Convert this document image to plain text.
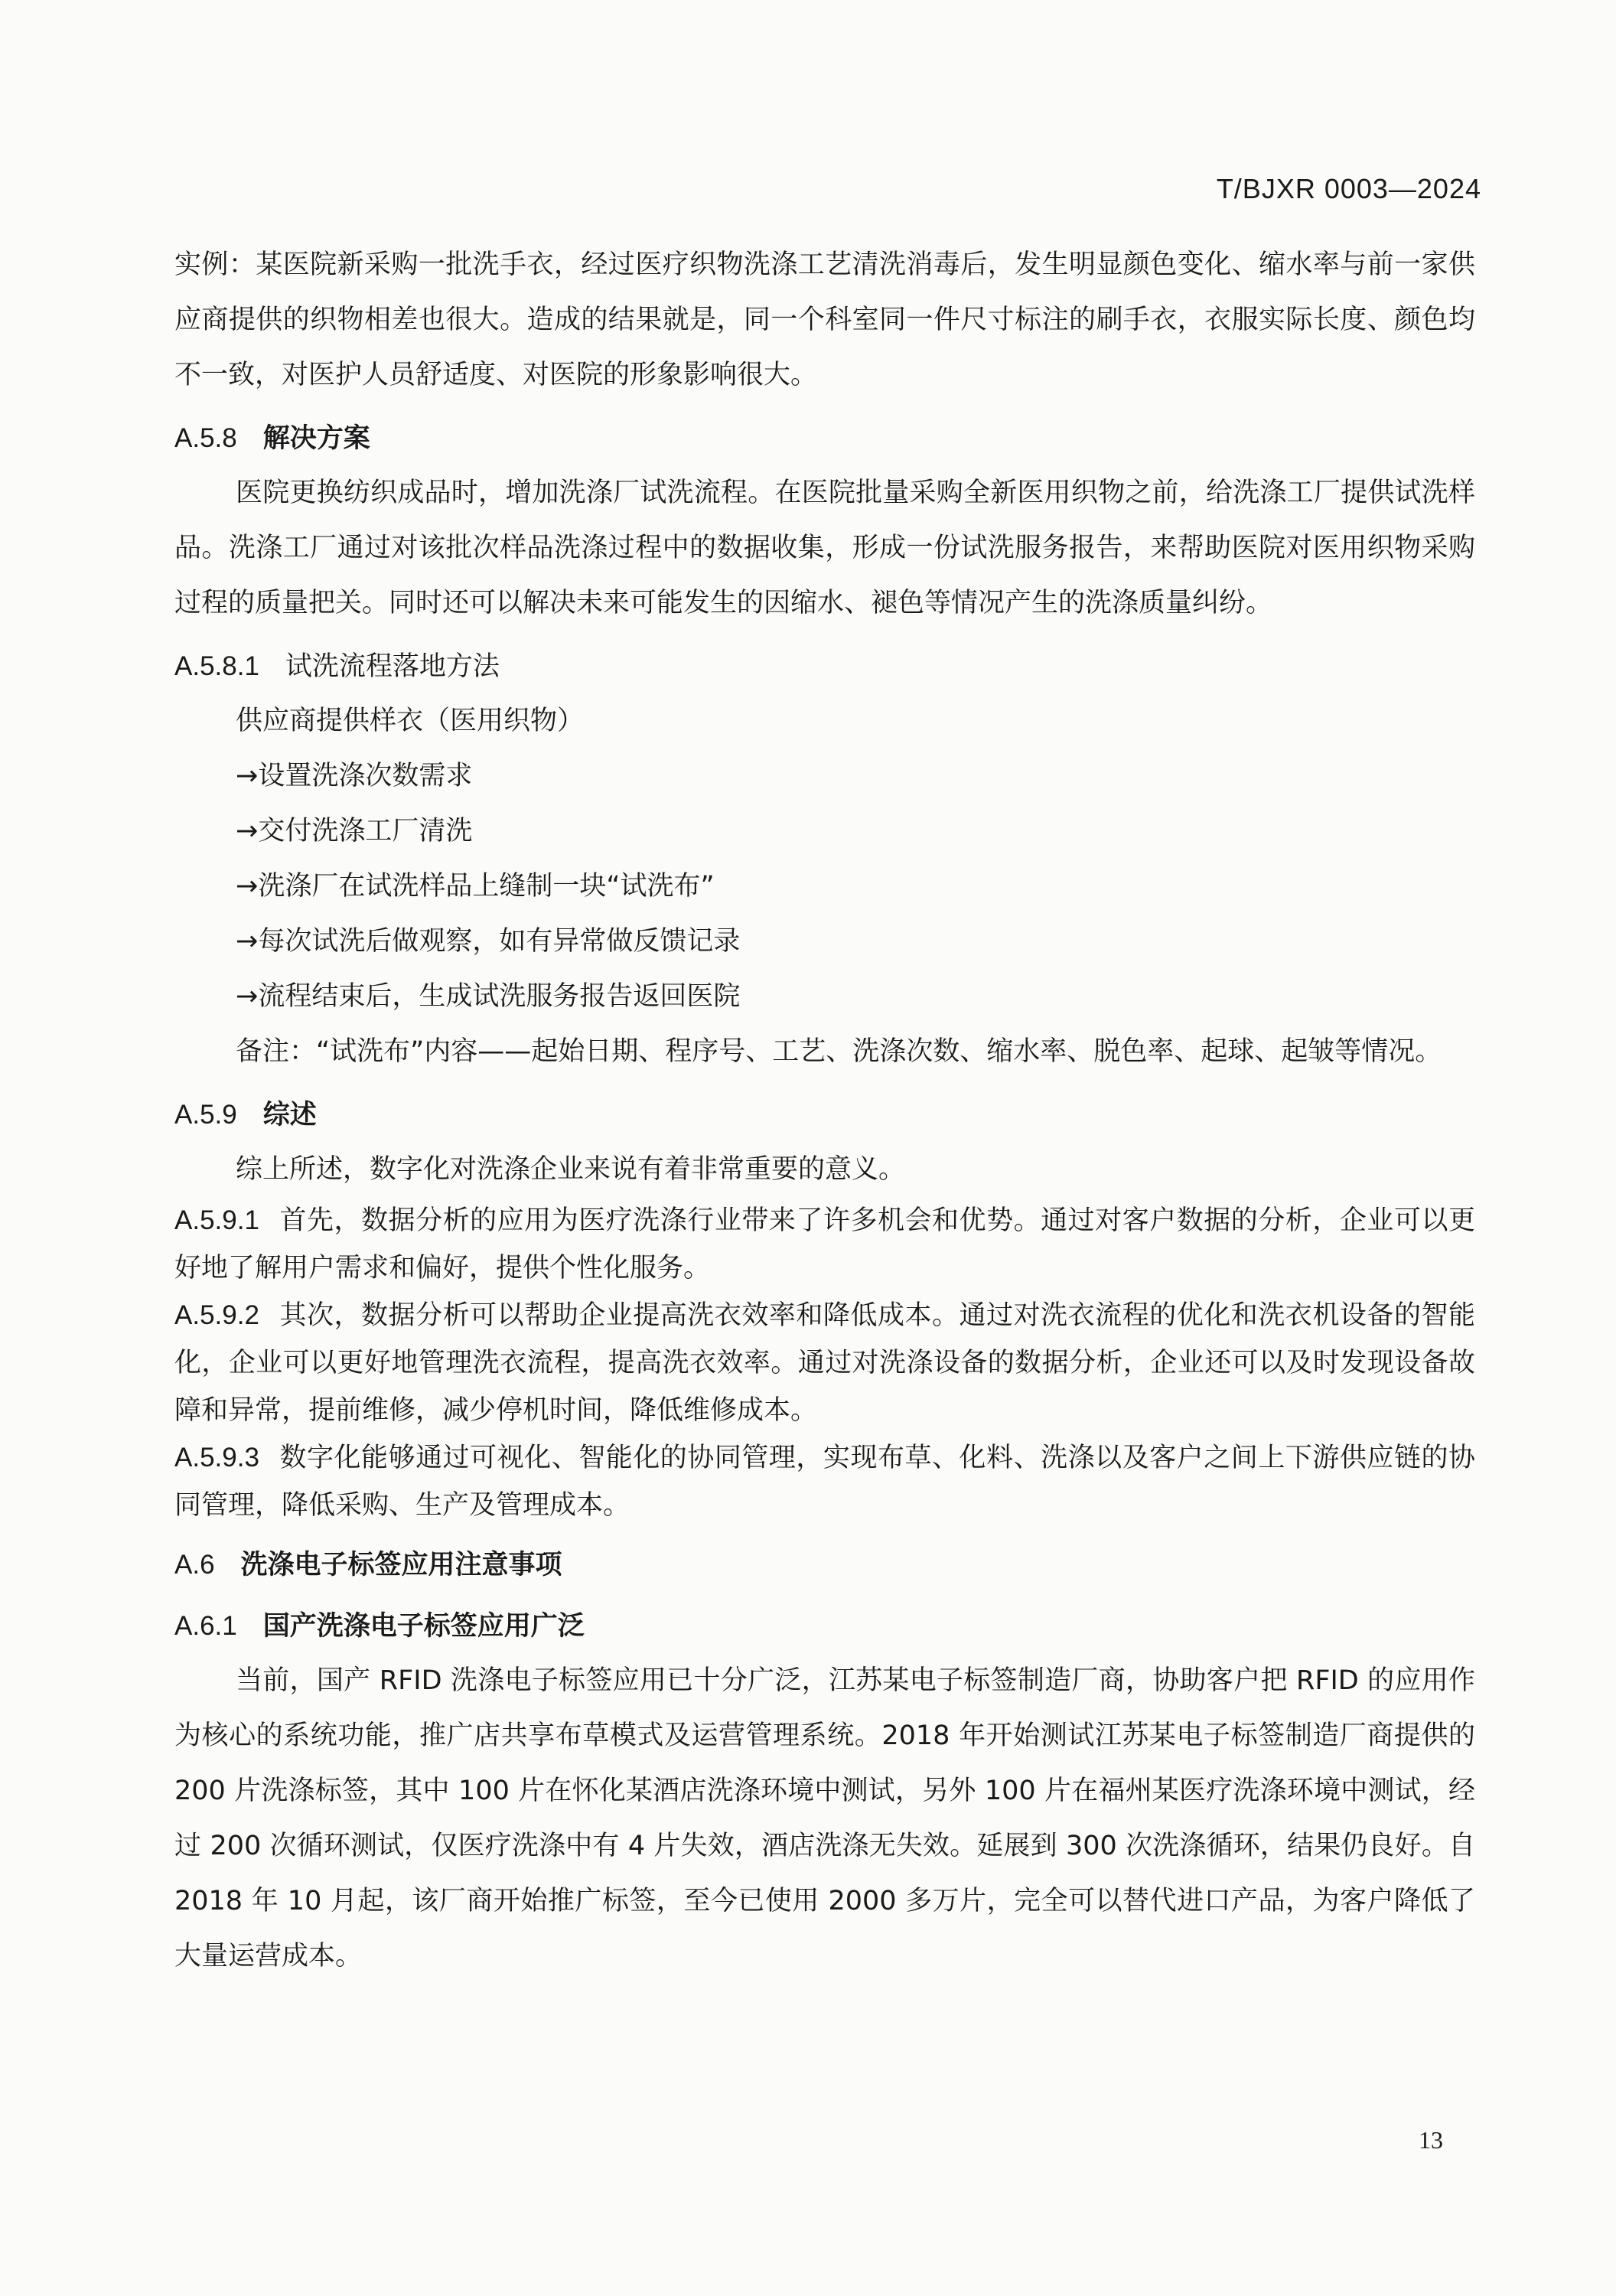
T/BJXR 0003—2024

实例：某医院新采购一批洗手衣，经过医疗织物洗涤工艺清洗消毒后，发生明显颜色变化、缩水率与前一家供应商提供的织物相差也很大。造成的结果就是，同一个科室同一件尺寸标注的刷手衣，衣服实际长度、颜色均不一致，对医护人员舒适度、对医院的形象影响很大。

A.5.8 解决方案

医院更换纺织成品时，增加洗涤厂试洗流程。在医院批量采购全新医用织物之前，给洗涤工厂提供试洗样品。洗涤工厂通过对该批次样品洗涤过程中的数据收集，形成一份试洗服务报告，来帮助医院对医用织物采购过程的质量把关。同时还可以解决未来可能发生的因缩水、褪色等情况产生的洗涤质量纠纷。

A.5.8.1 试洗流程落地方法

供应商提供样衣（医用织物）

→设置洗涤次数需求

→交付洗涤工厂清洗

→洗涤厂在试洗样品上缝制一块“试洗布”

→每次试洗后做观察，如有异常做反馈记录

→流程结束后，生成试洗服务报告返回医院

备注：“试洗布”内容——起始日期、程序号、工艺、洗涤次数、缩水率、脱色率、起球、起皱等情况。

A.5.9 综述

综上所述，数字化对洗涤企业来说有着非常重要的意义。

A.5.9.1 首先，数据分析的应用为医疗洗涤行业带来了许多机会和优势。通过对客户数据的分析，企业可以更好地了解用户需求和偏好，提供个性化服务。

A.5.9.2 其次，数据分析可以帮助企业提高洗衣效率和降低成本。通过对洗衣流程的优化和洗衣机设备的智能化，企业可以更好地管理洗衣流程，提高洗衣效率。通过对洗涤设备的数据分析，企业还可以及时发现设备故障和异常，提前维修，减少停机时间，降低维修成本。

A.5.9.3 数字化能够通过可视化、智能化的协同管理，实现布草、化料、洗涤以及客户之间上下游供应链的协同管理，降低采购、生产及管理成本。

A.6 洗涤电子标签应用注意事项
A.6.1 国产洗涤电子标签应用广泛

当前，国产 RFID 洗涤电子标签应用已十分广泛，江苏某电子标签制造厂商，协助客户把 RFID 的应用作为核心的系统功能，推广店共享布草模式及运营管理系统。2018 年开始测试江苏某电子标签制造厂商提供的 200 片洗涤标签，其中 100 片在怀化某酒店洗涤环境中测试，另外 100 片在福州某医疗洗涤环境中测试，经过 200 次循环测试，仅医疗洗涤中有 4 片失效，酒店洗涤无失效。延展到 300 次洗涤循环，结果仍良好。自 2018 年 10 月起，该厂商开始推广标签，至今已使用 2000 多万片，完全可以替代进口产品，为客户降低了大量运营成本。

13
